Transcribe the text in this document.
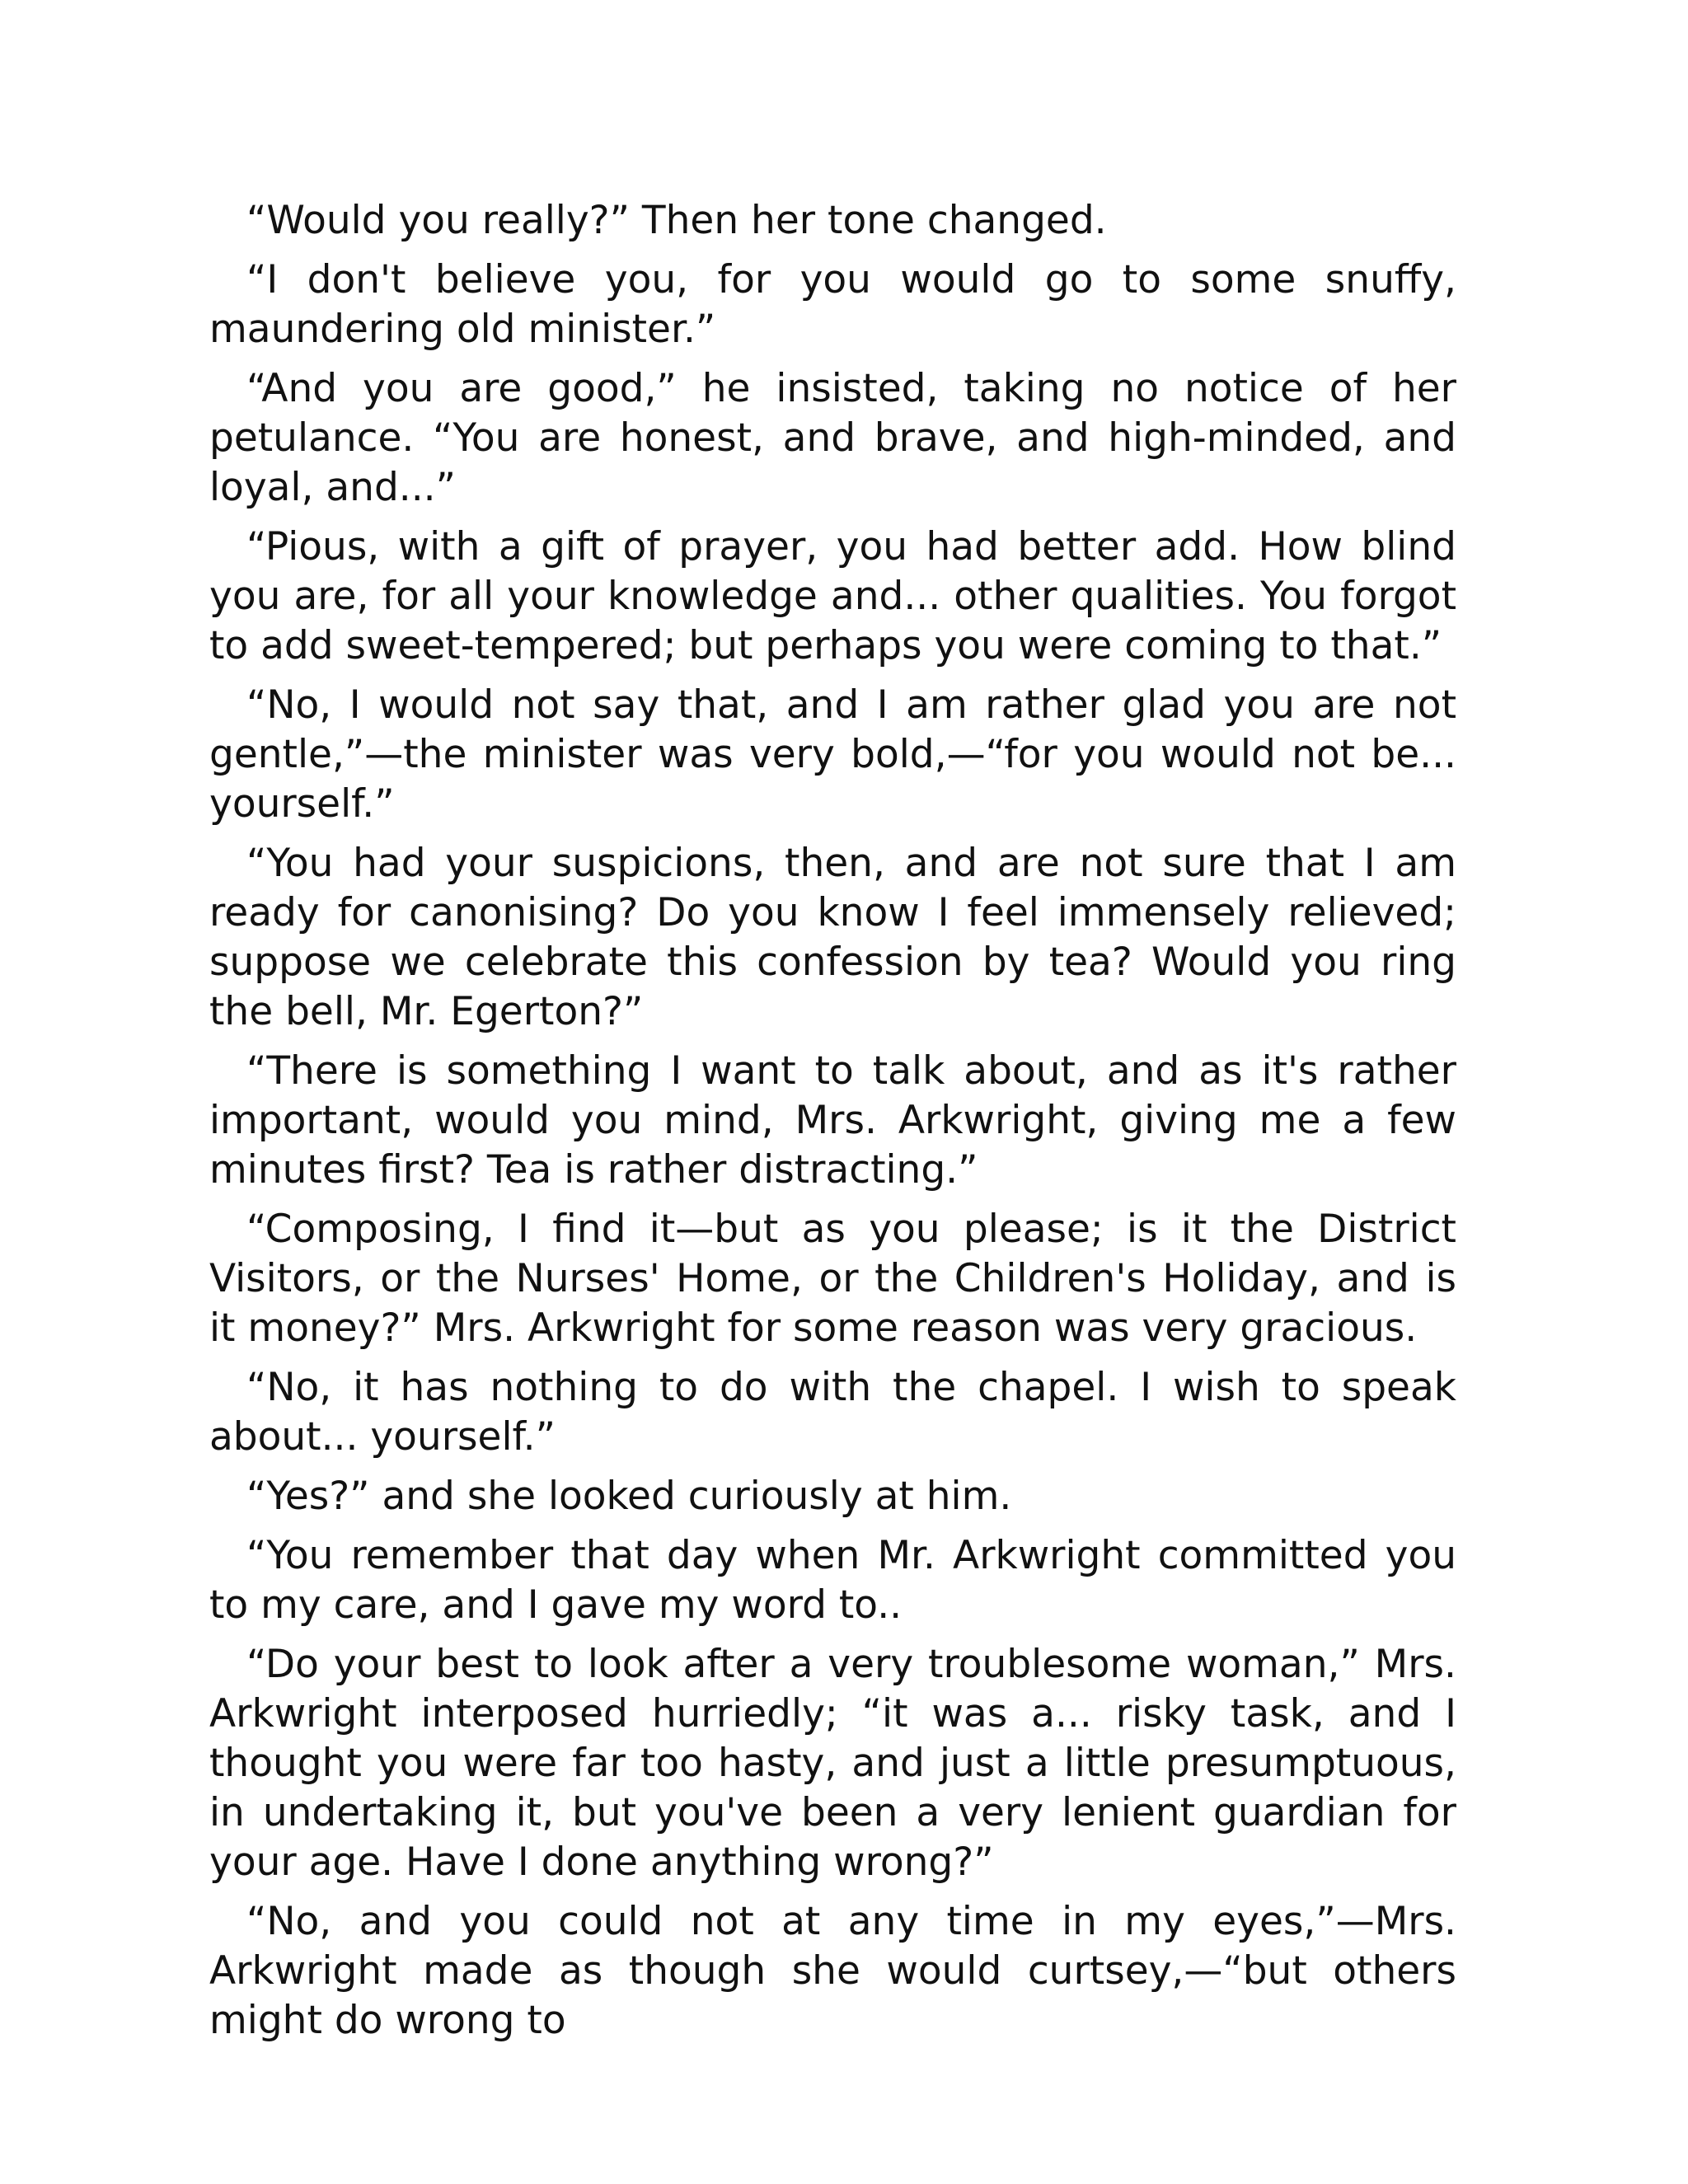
“Would you really?” Then her tone changed.

“I don't believe you, for you would go to some snuffy, maundering old minister.”

“And you are good,” he insisted, taking no notice of her petulance. “You are honest, and brave, and high-minded, and loyal, and...”

“Pious, with a gift of prayer, you had better add. How blind you are, for all your knowledge and... other qualities. You forgot to add sweet-tempered; but perhaps you were coming to that.”

“No, I would not say that, and I am rather glad you are not gentle,”—the minister was very bold,—“for you would not be... yourself.”

“You had your suspicions, then, and are not sure that I am ready for canonising? Do you know I feel immensely relieved; suppose we celebrate this confession by tea? Would you ring the bell, Mr. Egerton?”

“There is something I want to talk about, and as it's rather important, would you mind, Mrs. Arkwright, giving me a few minutes first? Tea is rather distracting.”

“Composing, I find it—but as you please; is it the District Visitors, or the Nurses' Home, or the Children's Holiday, and is it money?” Mrs. Arkwright for some reason was very gracious.

“No, it has nothing to do with the chapel. I wish to speak about... yourself.”

“Yes?” and she looked curiously at him.

“You remember that day when Mr. Arkwright committed you to my care, and I gave my word to..

“Do your best to look after a very troublesome woman,” Mrs. Arkwright interposed hurriedly; “it was a... risky task, and I thought you were far too hasty, and just a little presumptuous, in undertaking it, but you've been a very lenient guardian for your age. Have I done anything wrong?”

“No, and you could not at any time in my eyes,”—Mrs. Arkwright made as though she would curtsey,—“but others might do wrong to
